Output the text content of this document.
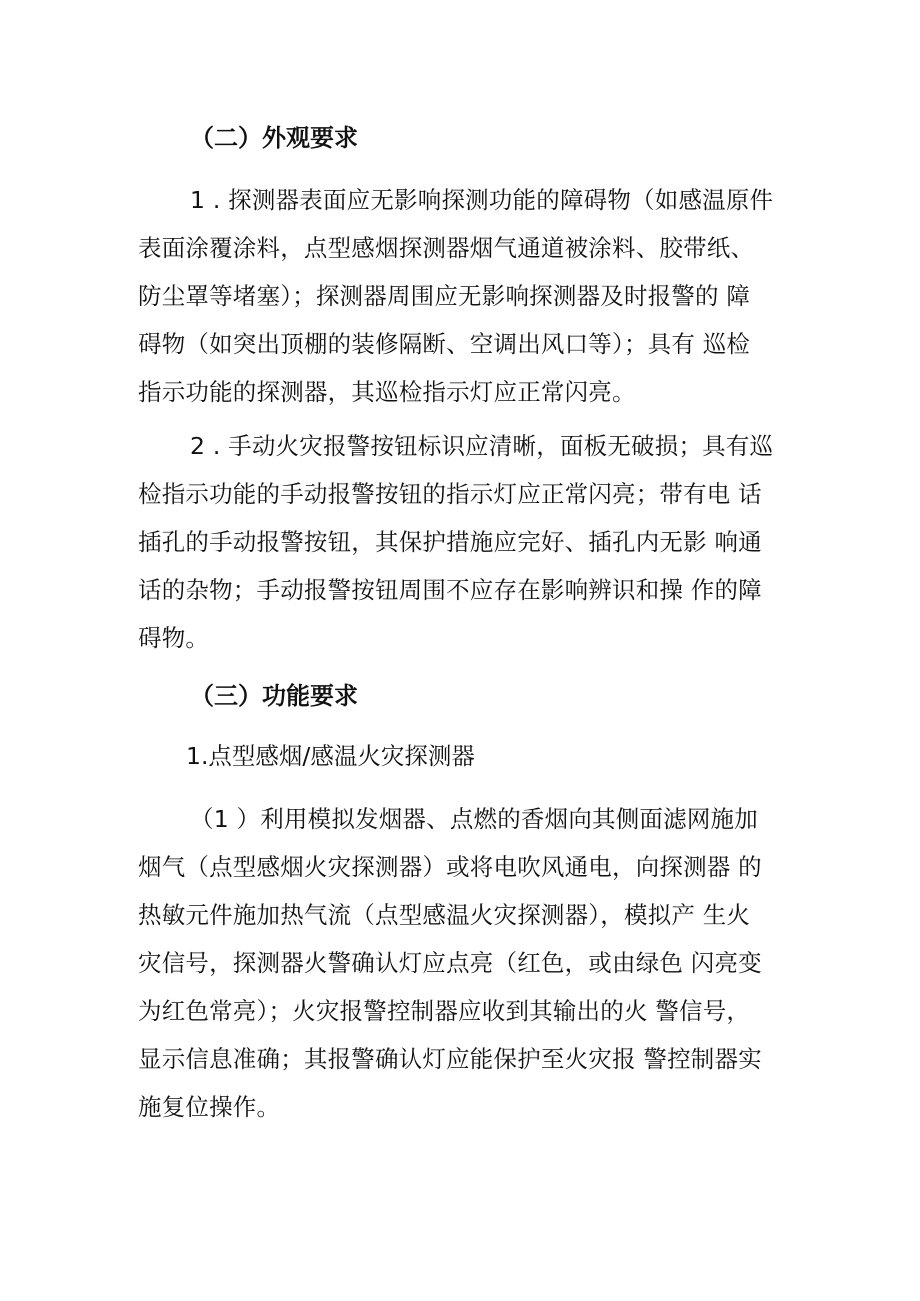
（二）外观要求
1 . 探测器表面应无影响探测功能的障碍物（如感温原件
表面涂覆涂料，点型感烟探测器烟气通道被涂料、胶带纸、
防尘罩等堵塞）；探测器周围应无影响探测器及时报警的 障
碍物（如突出顶棚的装修隔断、空调出风口等）；具有 巡检
指示功能的探测器，其巡检指示灯应正常闪亮。
2 . 手动火灾报警按钮标识应清晰，面板无破损；具有巡
检指示功能的手动报警按钮的指示灯应正常闪亮；带有电 话
插孔的手动报警按钮，其保护措施应完好、插孔内无影 响通
话的杂物；手动报警按钮周围不应存在影响辨识和操 作的障
碍物。
（三）功能要求

1.点型感烟/感温火灾探测器

（1 ）利用模拟发烟器、点燃的香烟向其侧面滤网施加
烟气（点型感烟火灾探测器）或将电吹风通电，向探测器 的
热敏元件施加热气流（点型感温火灾探测器），模拟产 生火
灾信号，探测器火警确认灯应点亮（红色，或由绿色 闪亮变
为红色常亮）；火灾报警控制器应收到其输出的火 警信号，
显示信息准确；其报警确认灯应能保护至火灾报 警控制器实
施复位操作。
